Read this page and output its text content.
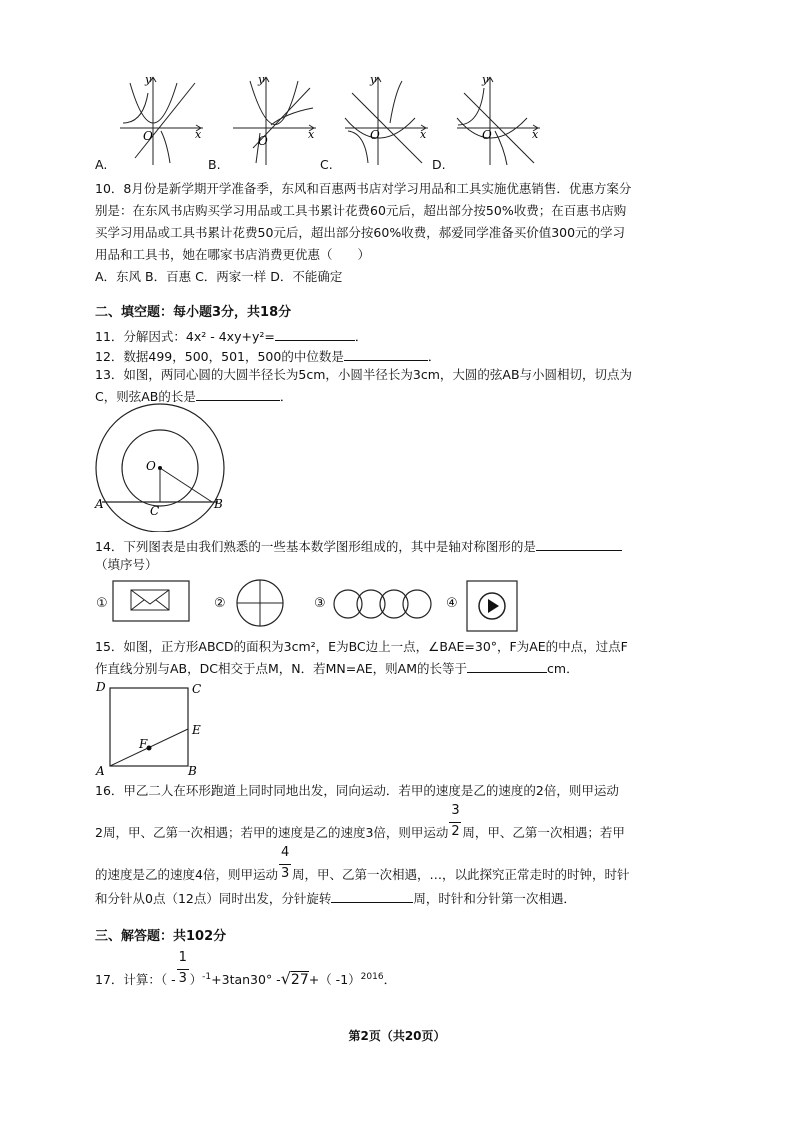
y
x
O
y
x
O
y
x
O
y
x
O
A.	B.	C.	D.
10．8月份是新学期开学准备季，东风和百惠两书店对学习用品和工具实施优惠销售．优惠方案分
别是：在东风书店购买学习用品或工具书累计花费60元后，超出部分按50%收费；在百惠书店购
买学习用品或工具书累计花费50元后，超出部分按60%收费，郝爱同学准备买价值300元的学习
用品和工具书，她在哪家书店消费更优惠（　　）
A．东风 B．百惠 C．两家一样 D．不能确定
二、填空题：每小题3分，共18分
11．分解因式：4x² - 4xy+y²=	．
12．数据499，500，501，500的中位数是	．
13．如图，两同心圆的大圆半径长为5cm，小圆半径长为3cm，大圆的弦AB与小圆相切，切点为
C，则弦AB的长是	．
O
A	B
C
14．下列图表是由我们熟悉的一些基本数学图形组成的，其中是轴对称图形的是
（填序号）
①	②	③	④
15．如图，正方形ABCD的面积为3cm²，E为BC边上一点，∠BAE=30°，F为AE的中点，过点F
作直线分别与AB，DC相交于点M，N．若MN=AE，则AM的长等于	cm．
D	C
E
F
A	B
16．甲乙二人在环形跑道上同时同地出发，同向运动．若甲的速度是乙的速度的2倍，则甲运动
2周，甲、乙第一次相遇；若甲的速度是乙的速度3倍，则甲运动 $\frac{3}{2}$ 周，甲、乙第一次相遇；若甲
的速度是乙的速度4倍，则甲运动 $\frac{4}{3}$ 周，甲、乙第一次相遇，…，以此探究正常走时的时钟，时针
和分针从0点（12点）同时出发，分针旋转	周，时针和分针第一次相遇．
三、解答题：共102分
17．计算：（ - $\frac{1}{3} )^{-1}+3\tan 30^\circ$ -√27+（ -1）$^{2016}$．
第2页（共20页）
